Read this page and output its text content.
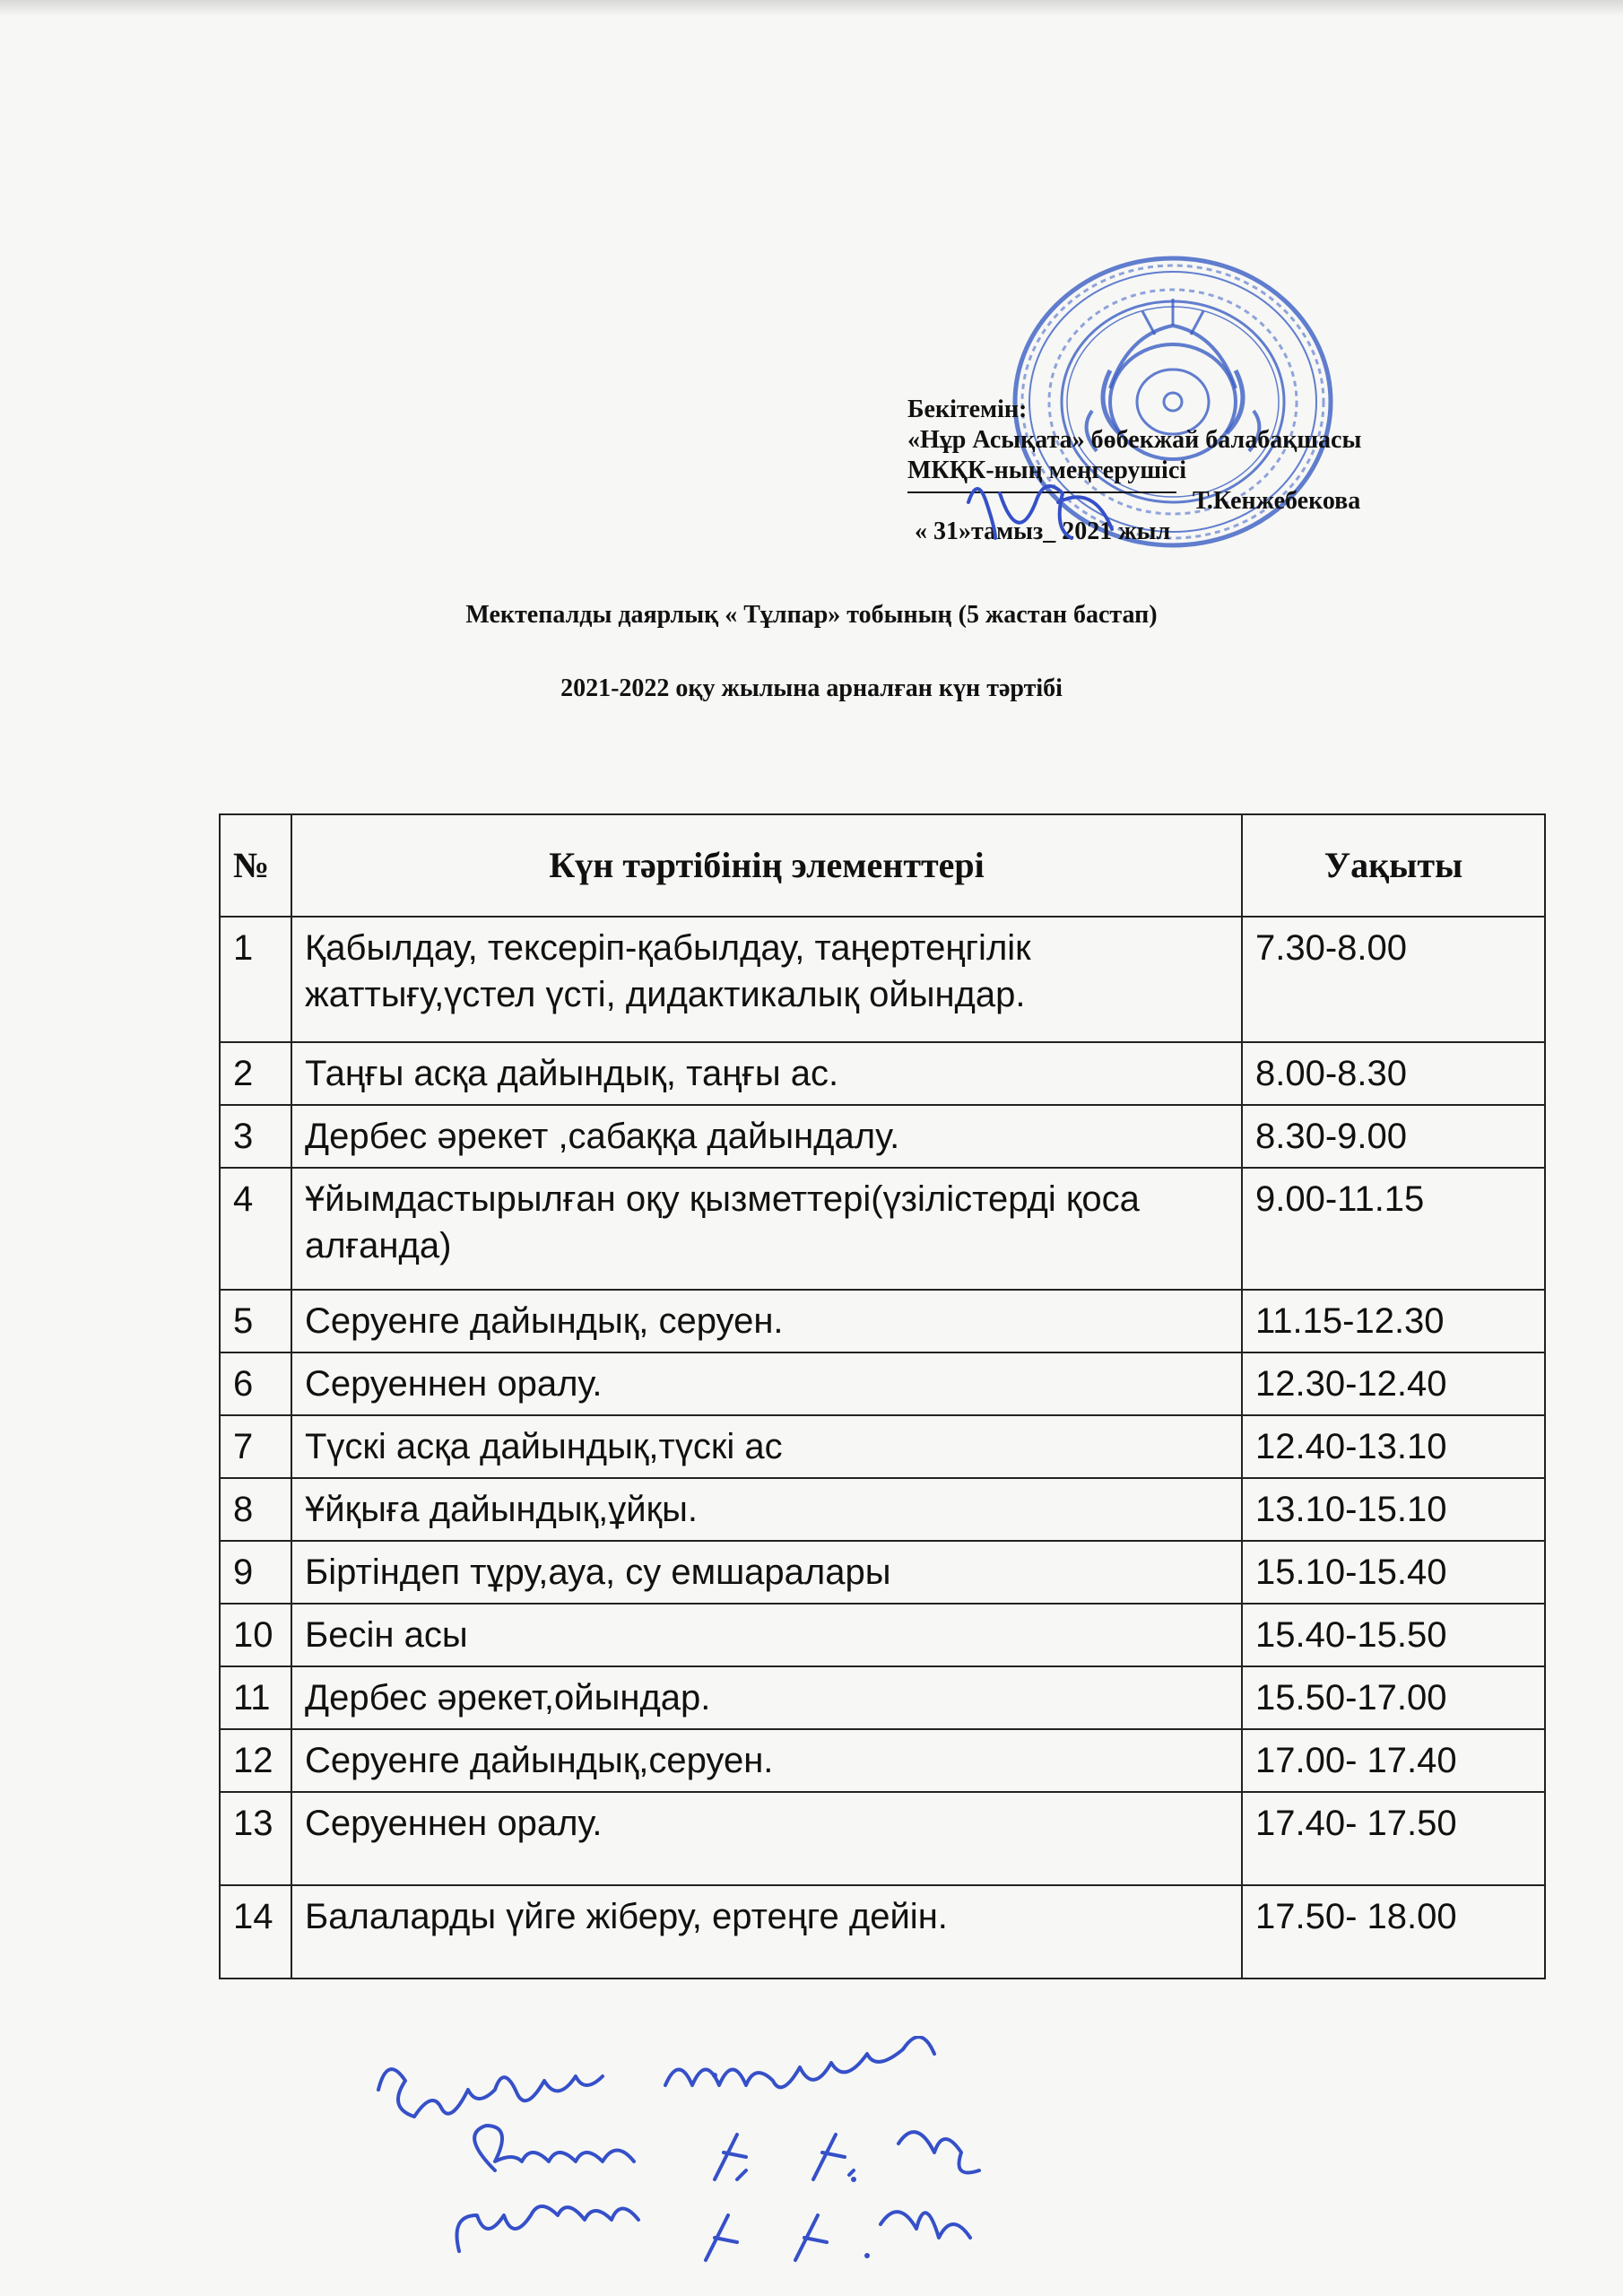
Бекітемін:
«Нұр Асықата» бөбекжай балабақшасы
МКҚК-ның меңгерушісі
Т.Кенжебекова
« 31»тамыз_ 2021 жыл
Мектепалды даярлық « Тұлпар» тобының (5 жастан бастап)
2021-2022 оқу жылына арналған күн тәртібі
№	Күн тәртібінің элементтері	Уақыты
1	Қабылдау, тексеріп-қабылдау, таңертеңгілік жаттығу,үстел үсті, дидактикалық ойындар.	7.30-8.00
2	Таңғы асқа дайындық, таңғы ас.	8.00-8.30
3	Дербес әрекет ,сабаққа дайындалу.	8.30-9.00
4	Ұйымдастырылған оқу қызметтері(үзілістерді қоса алғанда)	9.00-11.15
5	Серуенге дайындық, серуен.	11.15-12.30
6	Серуеннен оралу.	12.30-12.40
7	Түскі асқа дайындық,түскі ас	12.40-13.10
8	Ұйқыға дайындық,ұйқы.	13.10-15.10
9	Біртіндеп тұру,ауа, су емшаралары	15.10-15.40
10	Бесін асы	15.40-15.50
11	Дербес әрекет,ойындар.	15.50-17.00
12	Серуенге дайындық,серуен.	17.00- 17.40
13	Серуеннен оралу.	17.40- 17.50
14	Балаларды үйге жіберу, ертеңге дейін.	17.50- 18.00
